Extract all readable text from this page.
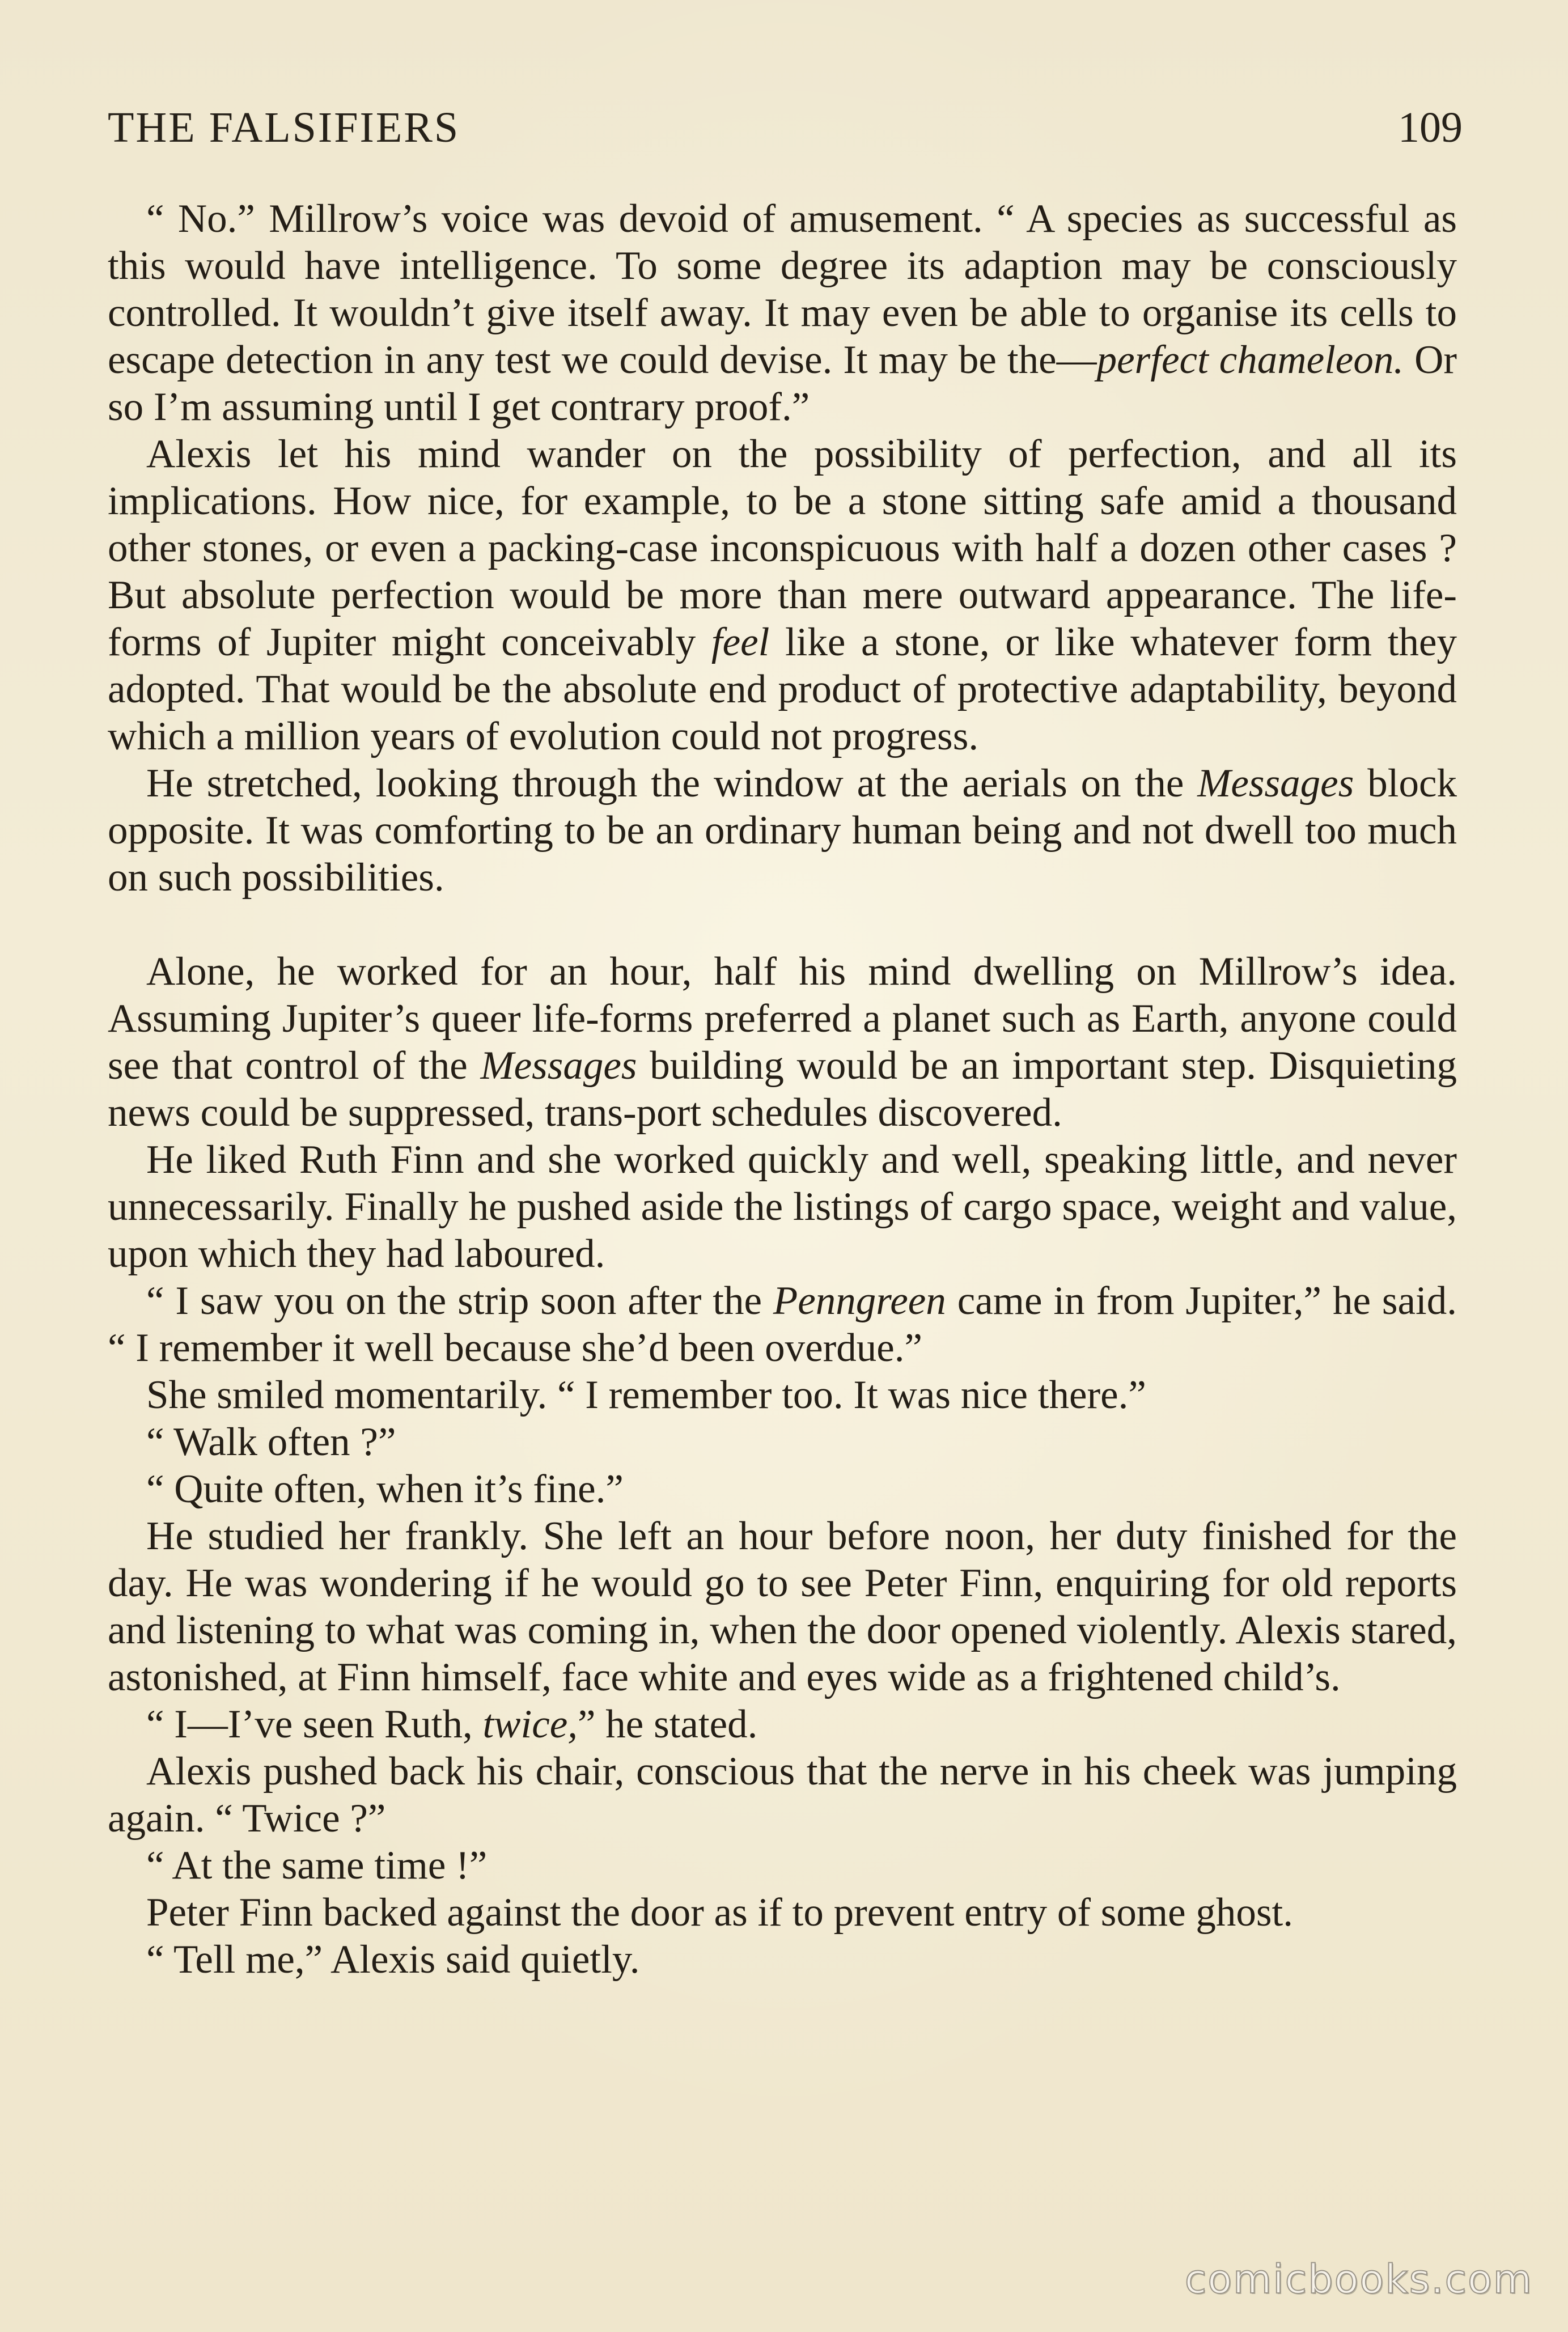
THE FALSIFIERS	109

“ No.” Millrow’s voice was devoid of amusement. “ A species as successful as this would have intelligence. To some degree its adaption may be consciously controlled. It wouldn’t give itself away. It may even be able to organise its cells to escape detection in any test we could devise. It may be the—perfect chameleon. Or so I’m assuming until I get contrary proof.”

Alexis let his mind wander on the possibility of perfection, and all its implications. How nice, for example, to be a stone sitting safe amid a thousand other stones, or even a packing-case inconspicuous with half a dozen other cases ? But absolute perfection would be more than mere outward appearance. The life-forms of Jupiter might conceivably feel like a stone, or like whatever form they adopted. That would be the absolute end product of protective adaptability, beyond which a million years of evolution could not progress.

He stretched, looking through the window at the aerials on the Messages block opposite. It was comforting to be an ordinary human being and not dwell too much on such possibilities.

Alone, he worked for an hour, half his mind dwelling on Millrow’s idea. Assuming Jupiter’s queer life-forms preferred a planet such as Earth, anyone could see that control of the Messages building would be an important step. Disquieting news could be suppressed, trans-port schedules discovered.

He liked Ruth Finn and she worked quickly and well, speaking little, and never unnecessarily. Finally he pushed aside the listings of cargo space, weight and value, upon which they had laboured.

“ I saw you on the strip soon after the Penngreen came in from Jupiter,” he said. “ I remember it well because she’d been overdue.”

She smiled momentarily. “ I remember too. It was nice there.”

“ Walk often ?”

“ Quite often, when it’s fine.”

He studied her frankly. She left an hour before noon, her duty finished for the day. He was wondering if he would go to see Peter Finn, enquiring for old reports and listening to what was coming in, when the door opened violently. Alexis stared, astonished, at Finn himself, face white and eyes wide as a frightened child’s.

“ I—I’ve seen Ruth, twice,” he stated.

Alexis pushed back his chair, conscious that the nerve in his cheek was jumping again. “ Twice ?”

“ At the same time !”

Peter Finn backed against the door as if to prevent entry of some ghost.

“ Tell me,” Alexis said quietly.

comicbooks.com
